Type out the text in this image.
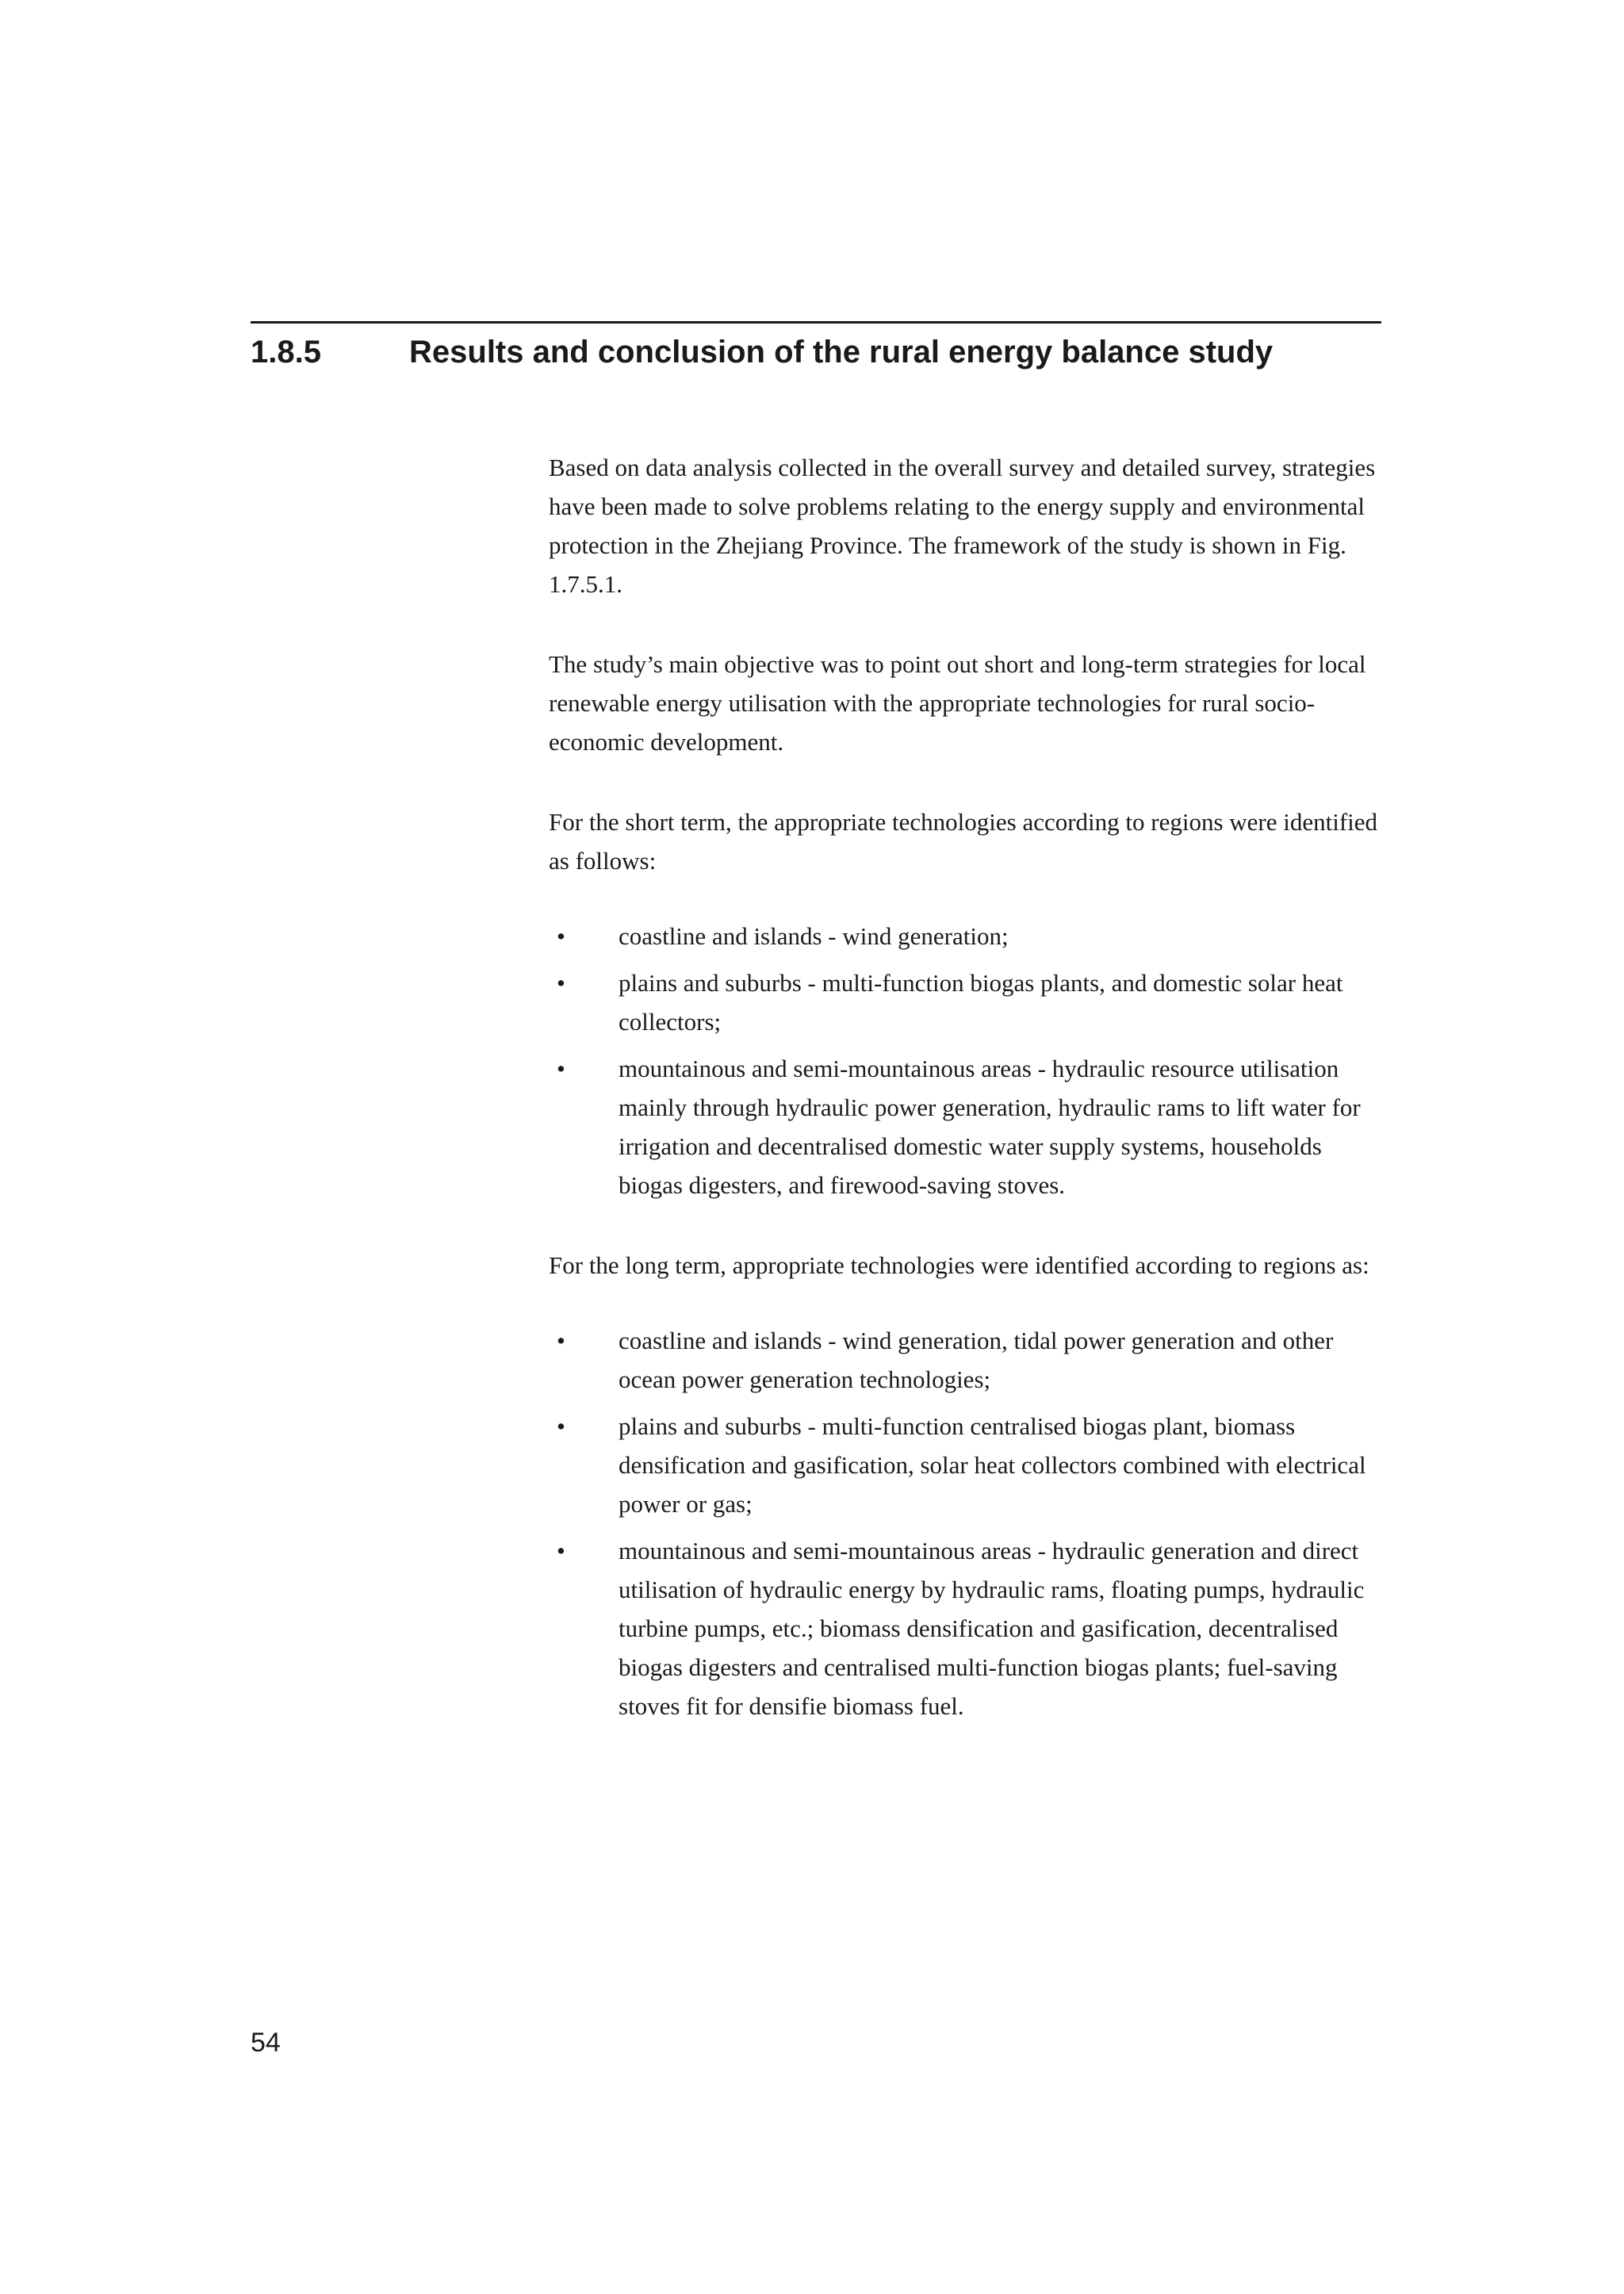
1.8.5	Results and conclusion of the rural energy balance study

Based on data analysis collected in the overall survey and detailed survey, strategies have been made to solve problems relating to the energy supply and environmental protection in the Zhejiang Province. The framework of the study is shown in Fig. 1.7.5.1.

The study’s main objective was to point out short and long-term strategies for local renewable energy utilisation with the appropriate technologies for rural socio-economic development.

For the short term, the appropriate technologies according to regions were identified as follows:

• coastline and islands - wind generation;
• plains and suburbs - multi-function biogas plants, and domestic solar heat collectors;
• mountainous and semi-mountainous areas - hydraulic resource utilisation mainly through hydraulic power generation, hydraulic rams to lift water for irrigation and decentralised domestic water supply systems, households biogas digesters, and firewood-saving stoves.

For the long term, appropriate technologies were identified according to regions as:

• coastline and islands - wind generation, tidal power generation and other ocean power generation technologies;
• plains and suburbs - multi-function centralised biogas plant, biomass densification and gasification, solar heat collectors combined with electrical power or gas;
• mountainous and semi-mountainous areas - hydraulic generation and direct utilisation of hydraulic energy by hydraulic rams, floating pumps, hydraulic turbine pumps, etc.; biomass densification and gasification, decentralised biogas digesters and centralised multi-function biogas plants; fuel-saving stoves fit for densifie biomass fuel.
54
